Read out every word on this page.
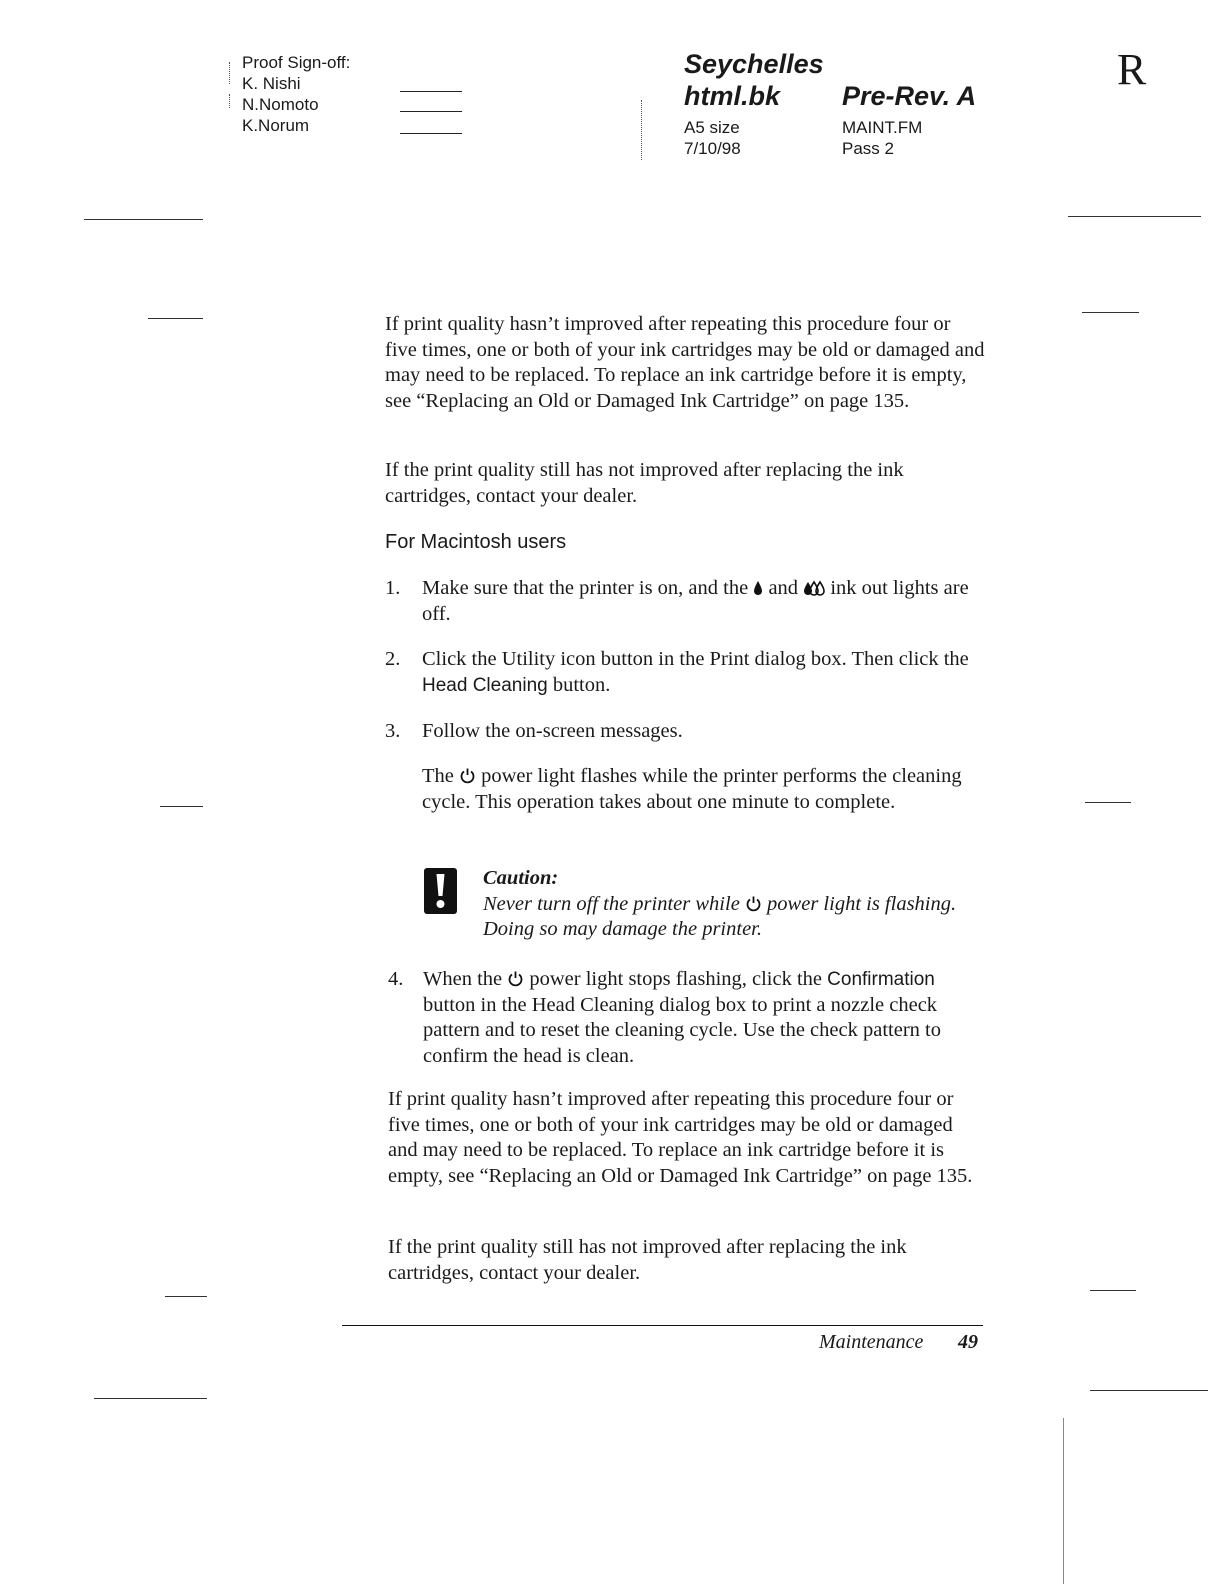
Proof Sign-off:
K. Nishi
N.Nomoto
K.Norum
Seychelles
html.bk Pre-Rev. A
A5 size
7/10/98
MAINT.FM
Pass 2
R

If print quality hasn’t improved after repeating this procedure four or five times, one or both of your ink cartridges may be old or damaged and may need to be replaced. To replace an ink cartridge before it is empty, see “Replacing an Old or Damaged Ink Cartridge” on page 135.

If the print quality still has not improved after replacing the ink cartridges, contact your dealer.

For Macintosh users
1.	Make sure that the printer is on, and the and ink out lights are off.
2.	Click the Utility icon button in the Print dialog box. Then click the Head Cleaning button.
3.	Follow the on-screen messages.
The power light flashes while the printer performs the cleaning cycle. This operation takes about one minute to complete.
Caution:
Never turn off the printer while power light is flashing. Doing so may damage the printer.
4. When the power light stops flashing, click the Confirmation button in the Head Cleaning dialog box to print a nozzle check pattern and to reset the cleaning cycle. Use the check pattern to confirm the head is clean.

If print quality hasn’t improved after repeating this procedure four or five times, one or both of your ink cartridges may be old or damaged and may need to be replaced. To replace an ink cartridge before it is empty, see “Replacing an Old or Damaged Ink Cartridge” on page 135.

If the print quality still has not improved after replacing the ink cartridges, contact your dealer.

Maintenance 49
